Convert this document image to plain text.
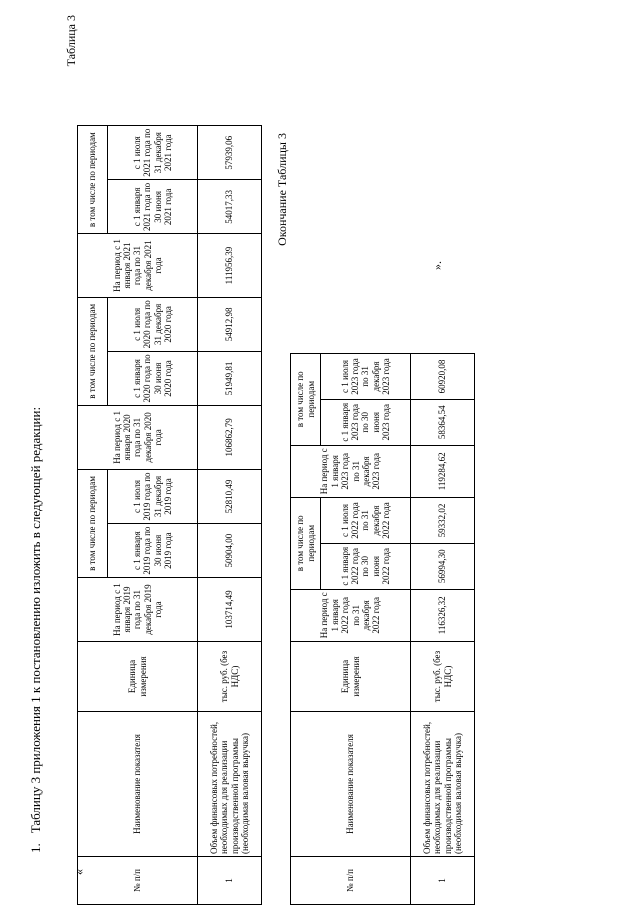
1.Таблицу 3 приложения 1 к постановлению изложить в следующей редакции:
«
Таблица 3
№ п/п	Наименование показателя	Единица измерения	На период с 1 января 2019 года по 31 декабря 2019 года	в том числе по периодам		На период с 1 января 2020 года по 31 декабря 2020 года	в том числе по периодам		На период с 1 января 2021 года по 31 декабря 2021 года	в том числе по периодам	
				с 1 января 2019 года по 30 июня 2019 года	с 1 июля 2019 года по 31 декабря 2019 года		с 1 января 2020 года по 30 июня 2020 года	с 1 июля 2020 года по 31 декабря 2020 года		с 1 января 2021 года по 30 июня 2021 года	с 1 июля 2021 года по 31 декабря 2021 года

1	Объем финансовых потребностей, необходимых для реализации производственной программы (необходимая валовая выручка)	тыс. руб. (без НДС)	103714,49	50904,00	52810,49	106862,79	51949,81	54912,98	111956,39	54017,33	57939,06	Окончание Таблицы 3
№ п/п	Наименование показателя	Единица измерения	На период с 1 января 2022 года по 31 декабря 2022 года	в том числе по периодам		На период с 1 января 2023 года по 31 декабря 2023 года	в том числе по периодам	
				с 1 января 2022 года по 30 июня 2022 года	с 1 июля 2022 года по 31 декабря 2022 года		с 1 января 2023 года по 30 июня 2023 года	с 1 июля 2023 года по 31 декабря 2023 года

1	Объем финансовых потребностей, необходимых для реализации производственной программы (необходимая валовая выручка)	тыс. руб. (без НДС)	116326,32	56994,30	59332,02	119284,62	58364,54	60920,08
».
